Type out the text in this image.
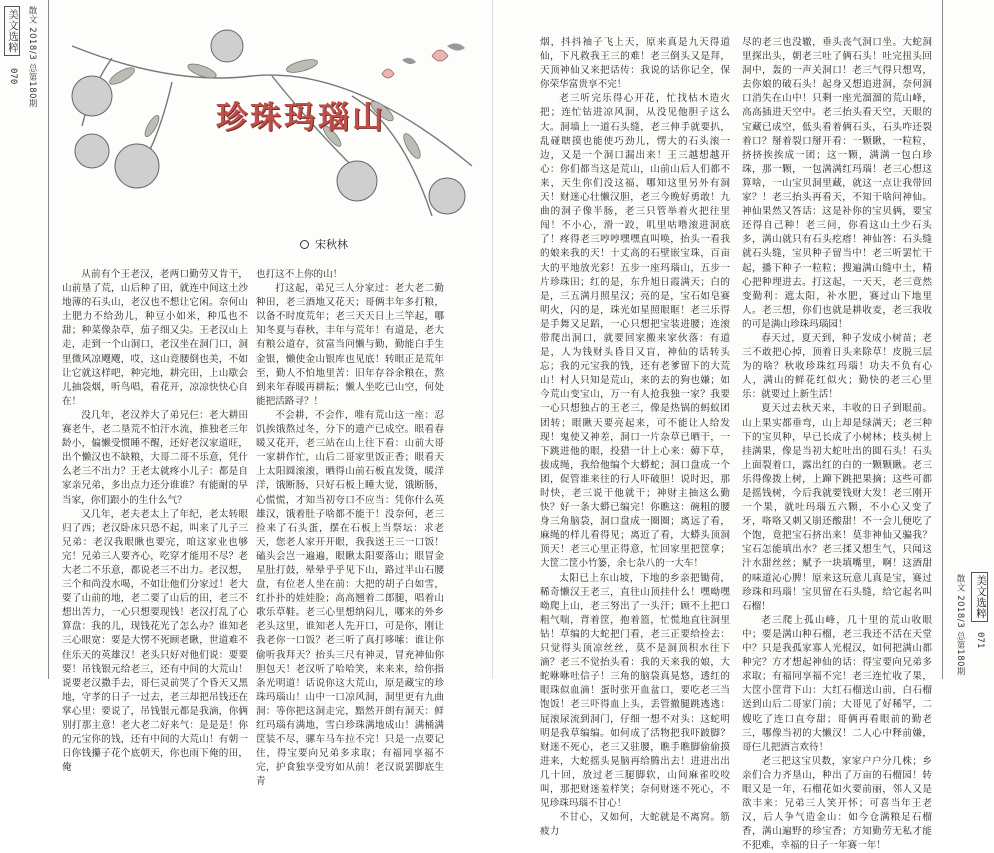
美文选粹 散文 2018/3 总第180期
070
散文 2018/3 总第180期 美文选粹
071
珍珠玛瑙山
宋秋林

从前有个王老汉，老两口勤劳又肯干，山前垦了荒，山后种了田，就连中间这土沙地薄的石头山，老汉也不想让它闲。奈何山土肥力不给劲儿，种豆小如米，种瓜也不甜；种菜像杂草，茄子细又尖。王老汉山上走，走到一个山洞口，老汉坐在洞门口，洞里微风凉飕飕，哎，这山竟腰倒也美，不如让它就这样吧，种完地，耕完田，上山歇会儿抽袋烟，听鸟唱，看花开，凉凉快快心自在！

没几年，老汉养大了弟兄仨：老大耕田赛老牛，老二垦荒不怕汗水流，推独老三年龄小，偏懒受惯睡不醒，还好老汉家道旺，出个懒汉也不缺粮，大哥二哥不乐意，凭什么老三不出力？王老太就疼小儿子：都是自家亲兄弟，多出点力还分谁谁？有能耐的早当家，你们跟小的生什么气？

又几年，老夫老太上了年纪，老太转眼归了西；老汉卧床只恐不起，叫来了儿子三兄弟：老汉我眼瞅也要完，咱这家业也够完！兄弟三人要齐心，吃穿才能用不尽？老大老二不乐意，都说老三不出力。老汉想，三个和尚没水喝，不如让他们分家过！老大要了山前的地，老二要了山后的田，老三不想出苦力，一心只想要现钱！老汉打乱了心算盘：我的儿，现钱花光了怎么办？谁知老三心眼宽：要是大愣不死顾老瞅，世道难不住乐天的英雄汉！老头只好对他们说：要要要！吊钱银元给老三，还有中间的大荒山！说要老汉撒手去，哥仨灵前哭了个昏天又黑地，守孝的日子一过去，老三却把吊钱还在掌心里：要说了，吊钱银元都是我滴，你俩别打那主意！老大老二好来气：是是是！你的元宝你的钱，还有中间的大荒山！有朝一日你钱攥子花个底朝天，你也雨下俺的田，俺

也打这不上你的山！

打这起，弟兄三人分家过：老大老二勤种田，老三酒地又花天；哥俩丰年多打粮，以备不时度荒年；老三天天日上三竿起，哪知冬夏与春秋，丰年与荒年！有道是，老大有粮公道存，贫富当问懒与勤，勤能白手生金银，懒使金山银库也见底！转眼正是荒年至，勤人不怕地里苦：旧年存谷余粮在，熬到来年春暖再耕耘；懒人坐吃已山空，何处能把活路寻？！

不会耕，不会作，唯有荒山这一座：忍饥挨饿熬过冬，分下的遗产已成空。眼看春暖又花开，老三站在山上往下看：山前大哥一家耕作忙，山后二哥家里饭正香；眼看天上太阳圆滚滚，晒得山前石板直发烫，暖洋洋，饿断肠，只好石板上睡大觉，饿断肠，心慌慌，才知当初夸口不应当：凭你什么英雄汉，饿着肚子啥都不能干！没奈何，老三捡来了石头蛋，摆在石板上当祭坛：求老天，您老人家开开眼，我我送王三一口饭！磕头会岂一遍遍，眼瞅太阳要落山；眼冒金星肚打鼓，晕晕乎乎见下山，路过半山石腰盘，有位老人坐在前：大把的胡子白如雪，红扑扑的娃娃脸；高高翘着二郎腿，唱着山歌乐草鞋。老三心里想纳闷儿，哪来的外乡老头这里，谁知老人先开口，可是你，刚让我老你一口饭？老三听了真打哆嗦：谁让你偷听我拜天？抬头三尺有神灵，冒充神仙你胆包天！老汉听了哈哈笑，来来来，给你指条光明道！话说你这大荒山，原是藏宝的珍珠玛瑙山！山中一口凉风洞，洞里更有九曲洞：等你把这洞走完，黯然开朗有洞天：鲜红玛瑙有满地，雪白珍珠满地成山！满桶满筐装不尽，骡车马车拉不完！只是一点要记住，得宝要向兄弟多求取；有福同享福不完，护食独享受穷如从前！老汉说罢脚底生青

烟，抖抖袖子飞上天，原来真是九天得道仙，下凡救我王三的难！老三倒头又是拜，天顶神仙又来把话传：我说的话你记全，保你荣华富贵享不完！

老三听完乐得心开花，忙找枯木造火把；连忙钻进凉风洞，从没见他胆子这么大。洞墙上一道石头缝，老三伸手就要扒，乱碰瞎摸也能使巧劲儿，愣大的石头滚一边，又是一个洞口漏出来！王三越想越开心：你们都当这是荒山，山前山后人们都不来，天生你们没这福，哪知这里另外有洞天！财迷心壮懒汉胆，老三今晚好勇敢！九曲的洞子像半肠，老三只管举着火把往里闯！不小心，滑一跤，叽里咕噜滚进洞底了！疼得老三哼哼嘿嘿直叫唤，抬头一看我的娘来我的天！十丈高的石壁嵌宝珠，百亩大的平地放光彩！五步一座玛瑙山，五步一片珍珠田；红的是，东升旭日霞满天；白的是，三五满月照星汉；亮的是，宝石如皂赛明火，闪的是，珠光如星照眼眶！老三乐得是手舞又足蹈，一心只想把宝装进腰；连滚带爬出洞口，就要回家搬来家伙落：有道是，人为钱财头昏目又盲，神仙的话转头忘；我的元宝我的钱，还有老爹留下的大荒山！村人只知是荒山，来的去的狗也嫌；如今荒山变宝山，万一有人抢我独一家？我要一心只想独占的王老三，像是热锅的蚂蚁团团转；眼瞅天要亮起来，可不能让人给发现！鬼使又神差，洞口一片杂草已晒干，一下跳进他的眼，投猎一计上心来：薅下草，拔成绳，我给他编个大蟒蛇；洞口盘成一个团，促管谁来往的行人吓破胆！说时迟，那时快，老三说干他就干；神财主抽这么勤快？好一条大蟒已编完！你瞧这：碗粗的腰身三角脑袋，洞口盘成一圈圈；离远了看，麻绳的样儿看得见；离近了看，大蟒头顶洞顶天！老三心里正得意，忙回家里把筐拿；大筐二筐小竹篓，余七杂八的一大车！

太阳已上东山坡，下地的乡亲把锄荷，稀奇懒汉王老三，直往山顶挂什么！嘿呦嘿呦爬上山，老三努出了一头汗；顾不上把口粗气喘，背着筐，抱着篮，忙慌地直往洞里钻！草编的大蛇把门看，老三正要给捡去：只觉得头顶凉丝丝，莫不是洞顶积水往下滴？老三不觉抬头看：我的天来我的娘，大蛇咻咻吐信子！三角的脑袋真晃悠，透红的眼珠似血滴！蛋时张开血盆口，要吃老三当饱饭！老三吓得血上头，丢管撤腿跳逃逃：屁滚尿流到洞门，仔细一想不对头：这蛇明明是我草编编。如何成了活物把我吓跛脚？财迷不死心，老三又驻腰，瞧手瞧脚偷偷摸进来，大蛇摇头晃脑再给腾出去！进进出出几十回，放过老三腿脚软，山间麻雀咬咬叫，那把财迷羞样笑；奈何财迷不死心，不见珍珠玛瑙不甘心！

不甘心，又如何，大蛇就是不离窝。筋疲力

尽的老三也没辙，垂头丧气洞口坐。大蛇洞里探出头，朝老三吐了俩石头！吐完扭头回洞中，轰的一声关洞口！老三气得只想骂，去你娘的破石头！起身又想追进洞，奈何洞口消失在山中！只剩一座光溜溜的荒山峰，高高插进天空中。老三抬头看天空，天眼的宝藏已成空，低头看着俩石头，石头咋还裂着口？掰着裂口掰开看：一颗瞅，一粒粒，挤挤挨挨成一团；这一颗，满满一包白珍珠，那一颗，一包满满红玛瑙！老三心想这算啥，一山宝贝洞里藏，就这一点让我带回家？！老三抬头再看天，不知干啥问神仙。神仙果然又答话：这是补你的宝贝俩，要宝还得自己种！老三问，你看这山土少石头多，满山就只有石头疙瘩！神仙答：石头缝就石头缝，宝贝种子留当中！老三听罢忙干起，播下种子一粒粒；搜遍满山缝中土，精心把种埋进去。打这起，一天天，老三竟然变勤利：遮太阳，补水肥，赛过山下地里人。老三想，你们也就是耕收麦，老三我收的可是满山珍珠玛瑙园！

春天过，夏天到，种子发成小树苗；老三不敢把心掉，顶着日头来除草！皮脱三层为的啥？秋收珍珠红玛瑙！功夫不负有心人，满山的鲜花红似火；勤快的老三心里乐：就要过上新生活！

夏天过去秋天来，丰收的日子到眼前。山上果实都垂弯，山上却是绿满天；老三种下的宝贝种，早已长成了小树林；枝头树上挂满果，像是当初大蛇吐出的圆石头！石头上面裂着口，露出红的白的一颗颗瞅。老三乐得像拨上树，上蹿下跳把果摘；这些可都是摇钱树，今后我就要钱财大发！老三刚开一个果，就吐玛瑙五六颗，不小心又变了牙，咯咯又刺又崩还酸甜！不一会儿便吃了个饱，竟把宝石挤出来！莫非神仙又骗我？宝石怎能填出水？老三揉又想生气，只闻这汁水甜丝丝；赋予一块填嘴里，啊！这酒甜的味道沁心脾！原来这玩意儿真是宝，赛过珍珠和玛瑙！宝贝留在石头缝，给它起名叫石榴！

老三爬上孤山峰，几十里的荒山收眼中；要是满山种石榴，老三我还不活在天堂中？只是我孤家寡人光棍汉，如何把满山都种完？方才想起神仙的话：得宝要向兄弟多求取；有福同享福不完！老三连忙收了果，大筐小筐背下山：大红石榴送山前，白石榴送到山后二哥家门前；大哥见了好稀罕，二嫂吃了连口直夸甜；哥俩再看眼前的勤老三，哪像当初的大懒汉！二人心中释前嫌，哥仨儿把酒言欢待！

老三把这宝贝数，家家户户分几株；乡亲们合力齐垦山，种出了万亩的石榴园！转眼又是一年，石榴花如火要前丽，邻人又是欲丰来：兄弟三人笑开怀；可喜当年王老汉，后人争气造金山：如今仓满粮足石榴香，满山遍野的珍宝香；方知勤劳无私才能不犯难，幸福的日子一年赛一年！
